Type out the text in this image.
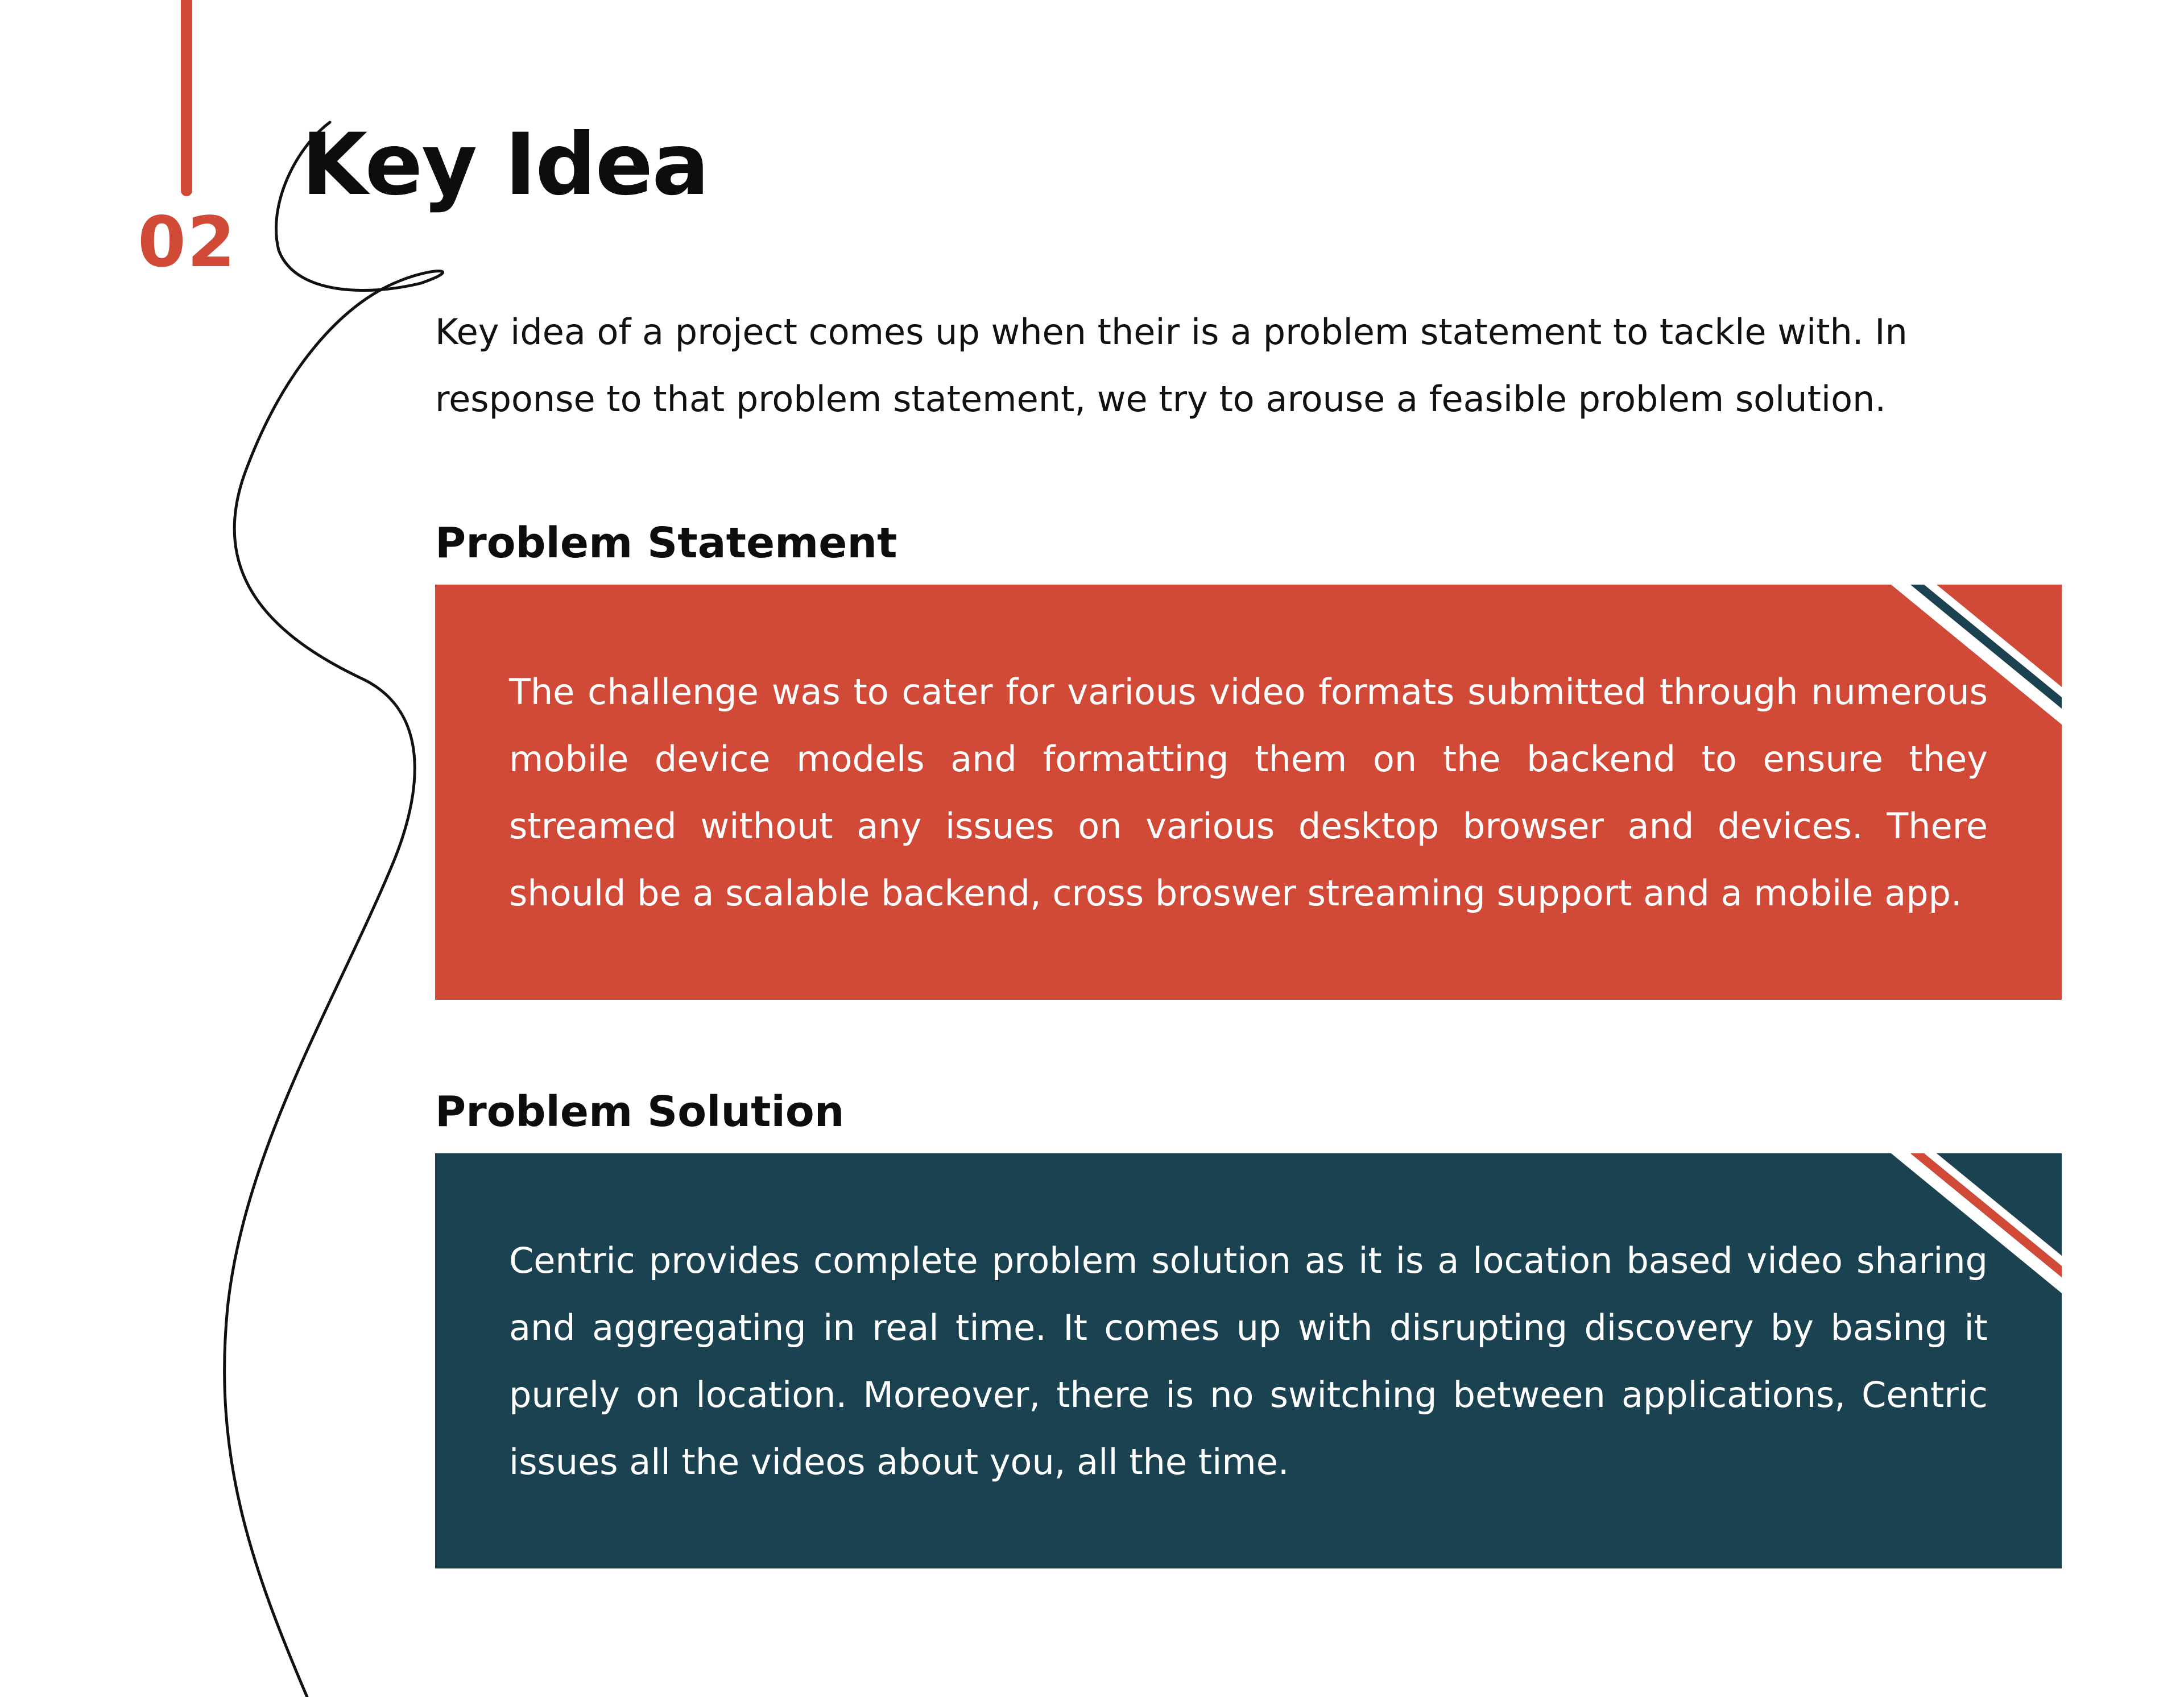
02
Key Idea

Key idea of a project comes up when their is a problem statement to tackle with. In response to that problem statement, we try to arouse a feasible problem solution.

Problem Statement

The challenge was to cater for various video formats submitted through numerous mobile device models and formatting them on the backend to ensure they streamed without any issues on various desktop browser and devices. There should be a scalable backend, cross broswer streaming support and a mobile app.

Problem Solution

Centric provides complete problem solution as it is a location based video sharing and aggregating in real time. It comes up with disrupting discovery by basing it purely on location. Moreover, there is no switching between applications, Centric issues all the videos about you, all the time.
